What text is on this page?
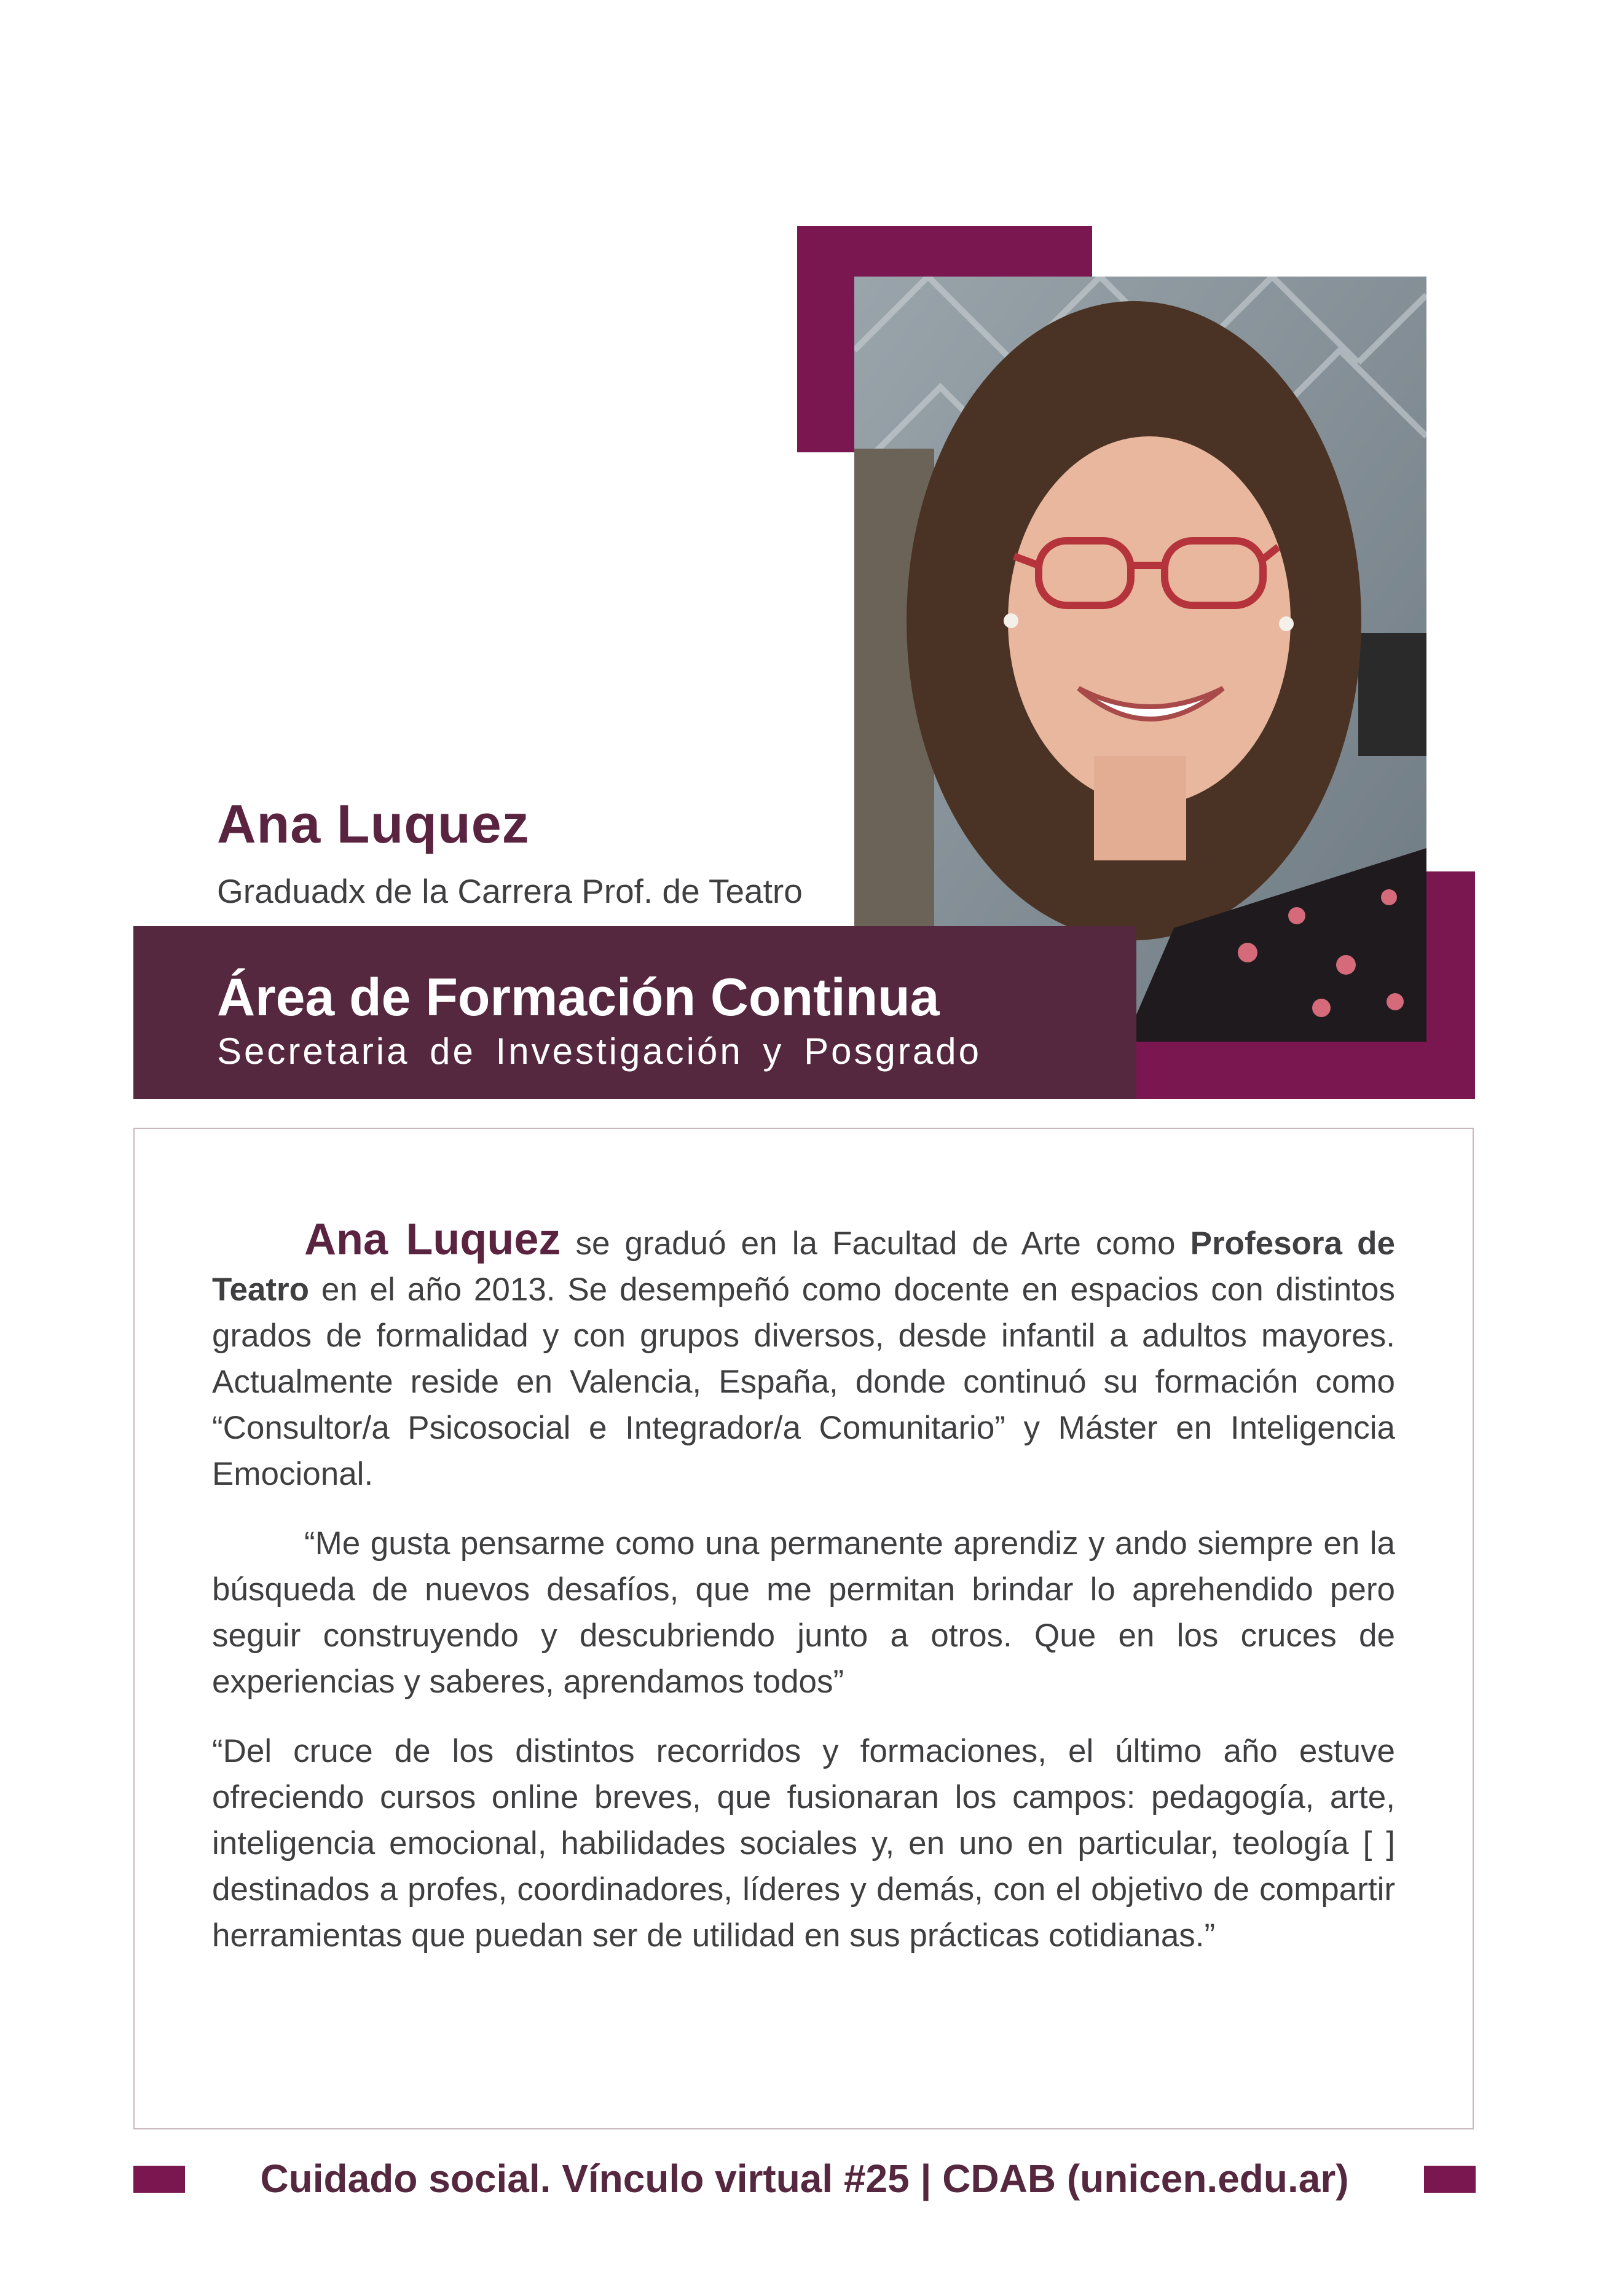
Ana Luquez
Graduadx de la Carrera Prof. de Teatro
Área de Formación Continua
Secretaria de Investigación y Posgrado

Ana Luquez se graduó en la Facultad de Arte como Profesora de Teatro en el año 2013. Se desempeñó como docente en espacios con distintos grados de formalidad y con grupos diversos, desde infantil a adultos mayores. Actualmente reside en Valencia, España, donde continuó su formación como “Consultor/a Psicosocial e Integrador/a Comunitario” y Máster en Inteligencia Emocional.

“Me gusta pensarme como una permanente aprendiz y ando siempre en la búsqueda de nuevos desafíos, que me permitan brindar lo aprehendido pero seguir construyendo y descubriendo junto a otros. Que en los cruces de experiencias y saberes, aprendamos todos”

“Del cruce de los distintos recorridos y formaciones, el último año estuve ofreciendo cursos online breves, que fusionaran los campos: pedagogía, arte, inteligencia emocional, habilidades sociales y, en uno en particular, teología [ ] destinados a profes, coordinadores, líderes y demás, con el objetivo de compartir herramientas que puedan ser de utilidad en sus prácticas cotidianas.”

Cuidado social. Vínculo virtual #25 | CDAB (unicen.edu.ar)
